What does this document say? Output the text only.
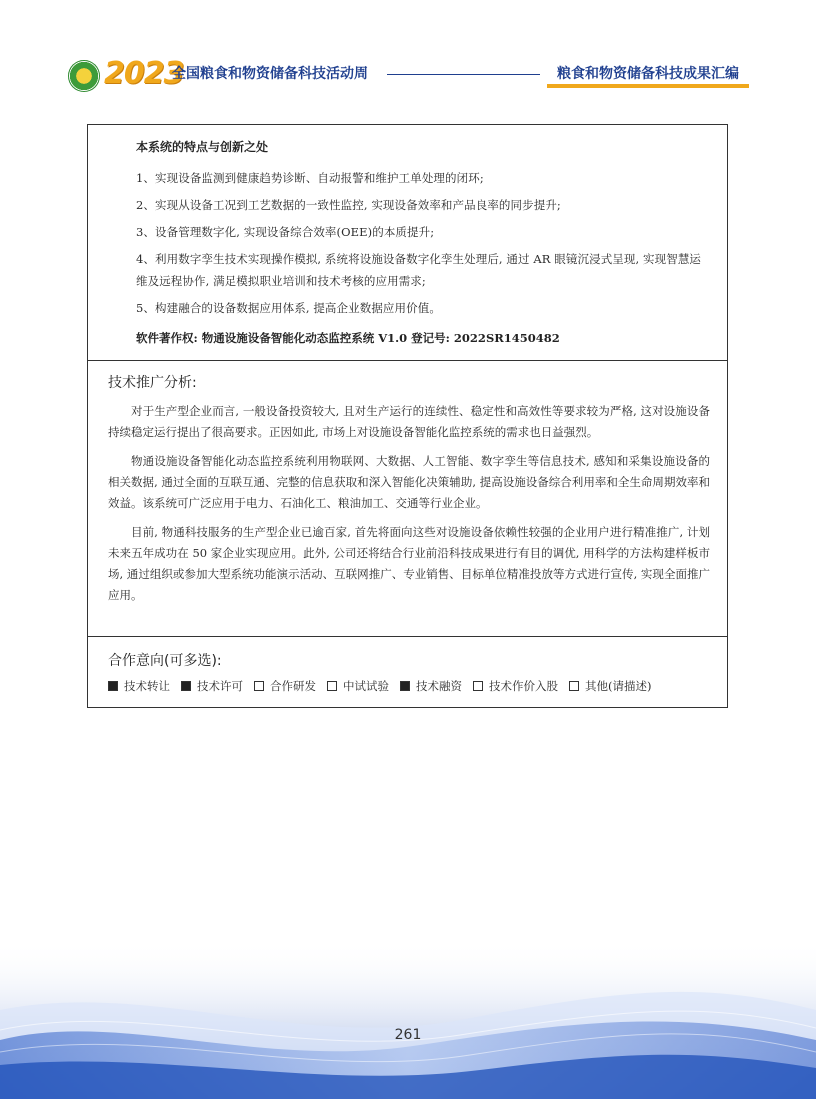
2023
全国粮食和物资储备科技活动周	粮食和物资储备科技成果汇编
本系统的特点与创新之处
1、实现设备监测到健康趋势诊断、自动报警和维护工单处理的闭环;
2、实现从设备工况到工艺数据的一致性监控, 实现设备效率和产品良率的同步提升;
3、设备管理数字化, 实现设备综合效率(OEE)的本质提升;
4、利用数字孪生技术实现操作模拟, 系统将设施设备数字化孪生处理后, 通过 AR 眼镜沉浸式呈现, 实现智慧运维及远程协作, 满足模拟职业培训和技术考核的应用需求;
5、构建融合的设备数据应用体系, 提高企业数据应用价值。
软件著作权: 物通设施设备智能化动态监控系统 V1.0 登记号: 2022SR1450482
技术推广分析:

对于生产型企业而言, 一般设备投资较大, 且对生产运行的连续性、稳定性和高效性等要求较为严格, 这对设施设备持续稳定运行提出了很高要求。正因如此, 市场上对设施设备智能化监控系统的需求也日益强烈。

物通设施设备智能化动态监控系统利用物联网、大数据、人工智能、数字孪生等信息技术, 感知和采集设施设备的相关数据, 通过全面的互联互通、完整的信息获取和深入智能化决策辅助, 提高设施设备综合利用率和全生命周期效率和效益。该系统可广泛应用于电力、石油化工、粮油加工、交通等行业企业。

目前, 物通科技服务的生产型企业已逾百家, 首先将面向这些对设施设备依赖性较强的企业用户进行精准推广, 计划未来五年成功在 50 家企业实现应用。此外, 公司还将结合行业前沿科技成果进行有目的调优, 用科学的方法构建样板市场, 通过组织或参加大型系统功能演示活动、互联网推广、专业销售、目标单位精准投放等方式进行宣传, 实现全面推广应用。

合作意向(可多选):
技术转让 技术许可 合作研发 中试试验 技术融资 技术作价入股 其他(请描述)
261
